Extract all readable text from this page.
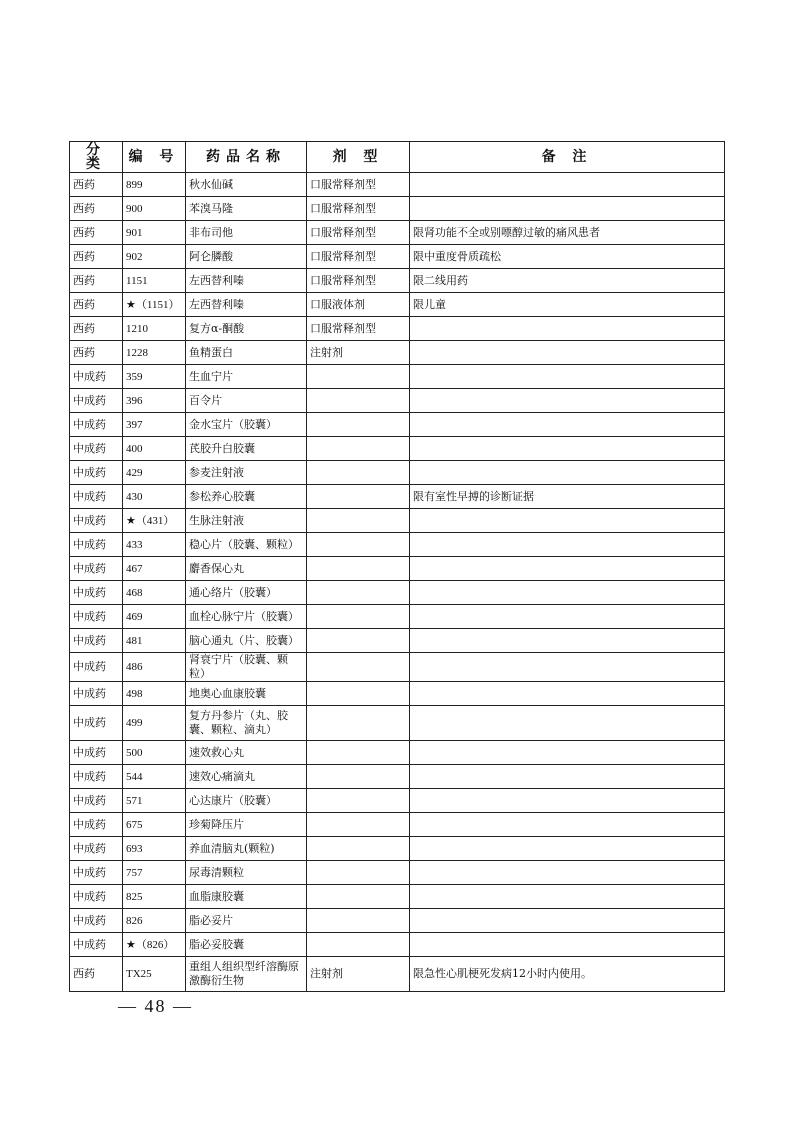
分 类	编 号	药品名称	剂 型	备 注
西药	899	秋水仙碱	口服常释剂型	
西药	900	苯溴马隆	口服常释剂型	
西药	901	非布司他	口服常释剂型	限肾功能不全或别嘌醇过敏的痛风患者
西药	902	阿仑膦酸	口服常释剂型	限中重度骨质疏松
西药	1151	左西替利嗪	口服常释剂型	限二线用药
西药	★（1151）	左西替利嗪	口服液体剂	限儿童
西药	1210	复方α-酮酸	口服常释剂型	
西药	1228	鱼精蛋白	注射剂	
中成药	359	生血宁片		
中成药	396	百令片		
中成药	397	金水宝片（胶囊）		
中成药	400	芪胶升白胶囊		
中成药	429	参麦注射液		
中成药	430	参松养心胶囊		限有室性早搏的诊断证据
中成药	★（431）	生脉注射液		
中成药	433	稳心片（胶囊、颗粒）		
中成药	467	麝香保心丸		
中成药	468	通心络片（胶囊）		
中成药	469	血栓心脉宁片（胶囊）		
中成药	481	脑心通丸（片、胶囊）		
中成药	486	肾衰宁片（胶囊、颗粒）		
中成药	498	地奥心血康胶囊		
中成药	499	复方丹参片（丸、胶囊、颗粒、滴丸）		
中成药	500	速效救心丸		
中成药	544	速效心痛滴丸		
中成药	571	心达康片（胶囊）		
中成药	675	珍菊降压片		
中成药	693	养血清脑丸(颗粒)		
中成药	757	尿毒清颗粒		
中成药	825	血脂康胶囊		
中成药	826	脂必妥片		
中成药	★（826）	脂必妥胶囊		
西药	TX25	重组人组织型纤溶酶原激酶衍生物	注射剂	限急性心肌梗死发病12小时内使用。
— 48 —
